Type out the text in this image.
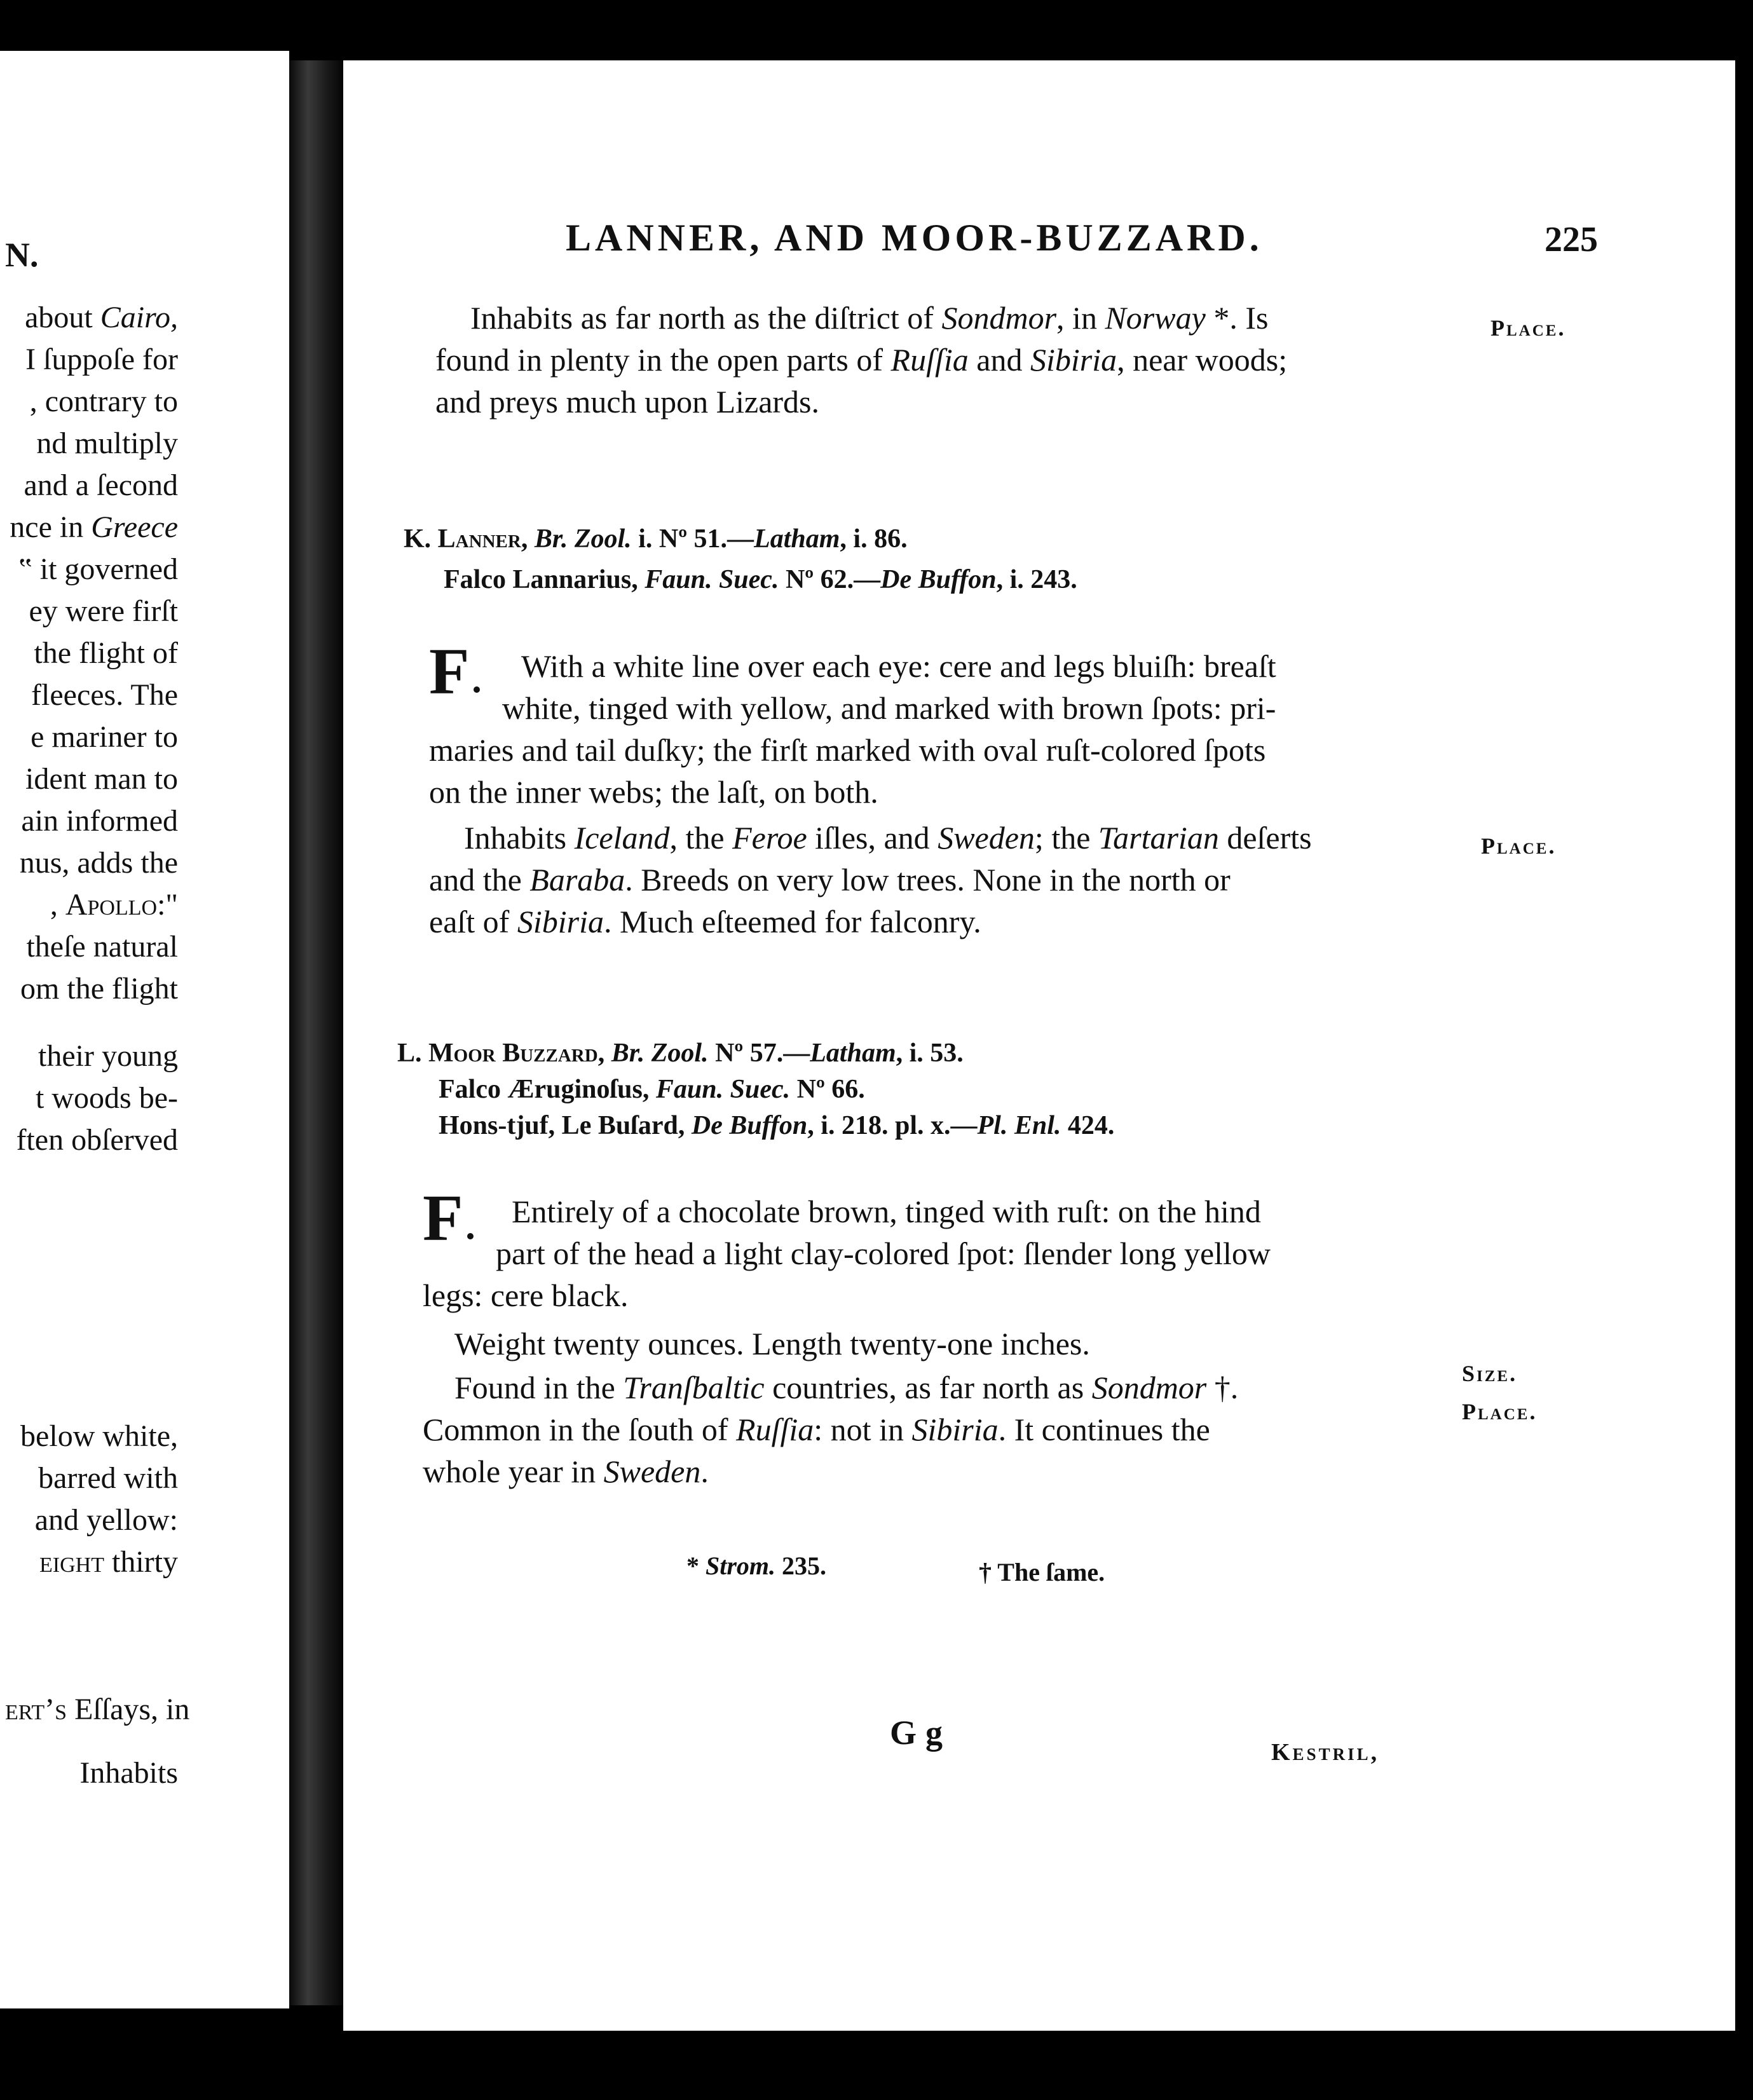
N.
about Cairo,
I ſuppoſe for
, contrary to
nd multiply
and a ſecond
nce in Greece
‟ it governed
ey were firſt
the flight of
fleeces. The
e mariner to
ident man to
ain informed
nus, adds the
, Apollo:"
theſe natural
om the flight
their young
t woods be-
ften obſerved
below white,
barred with
and yellow:
eight thirty
ert’s Eſſays, in
Inhabits
LANNER, AND MOOR-BUZZARD.	225
Place.
Place.
Size.
Place.
Inhabits as far north as the diſtrict of Sondmor, in Norway *. Is
found in plenty in the open parts of Ruſſia and Sibiria, near woods;
and preys much upon Lizards.
K. Lanner, Br. Zool. i. Nº 51.—Latham, i. 86.
Falco Lannarius, Faun. Suec. Nº 62.—De Buffon, i. 243.
F With a white line over each eye: cere and legs bluiſh: breaſt
white, tinged with yellow, and marked with brown ſpots: pri-
maries and tail duſky; the firſt marked with oval ruſt-colored ſpots
on the inner webs; the laſt, on both.
Inhabits Iceland, the Feroe iſles, and Sweden; the Tartarian deſerts
and the Baraba. Breeds on very low trees. None in the north or
eaſt of Sibiria. Much eſteemed for falconry.
L. Moor Buzzard, Br. Zool. Nº 57.—Latham, i. 53.
Falco Æruginoſus, Faun. Suec. Nº 66.
Hons-tjuf, Le Buſard, De Buffon, i. 218. pl. x.—Pl. Enl. 424.
F Entirely of a chocolate brown, tinged with ruſt: on the hind
part of the head a light clay-colored ſpot: ſlender long yellow
legs: cere black.
Weight twenty ounces. Length twenty-one inches.
Found in the Tranſbaltic countries, as far north as Sondmor †.
Common in the ſouth of Ruſſia: not in Sibiria. It continues the
whole year in Sweden.
* Strom. 235.	† The ſame.
Gg
Kestril,
